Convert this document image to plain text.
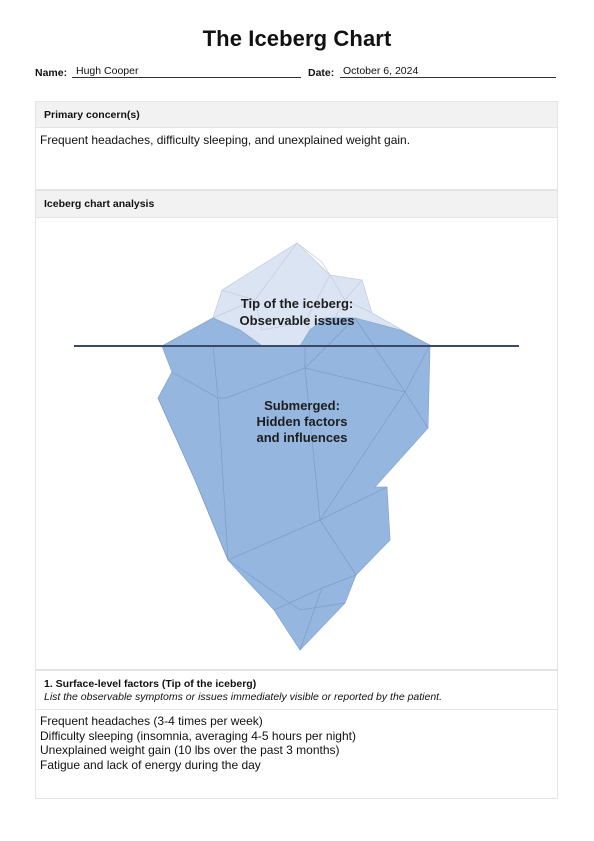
The Iceberg Chart
Name: Hugh Cooper	Date: October 6, 2024
Primary concern(s)
Frequent headaches, difficulty sleeping, and unexplained weight gain.
Iceberg chart analysis
Tip of the iceberg:
Observable issues
Submerged:
Hidden factors
and influences
1. Surface-level factors (Tip of the iceberg)
List the observable symptoms or issues immediately visible or reported by the patient.
Frequent headaches (3-4 times per week)
Difficulty sleeping (insomnia, averaging 4-5 hours per night)
Unexplained weight gain (10 lbs over the past 3 months)
Fatigue and lack of energy during the day
